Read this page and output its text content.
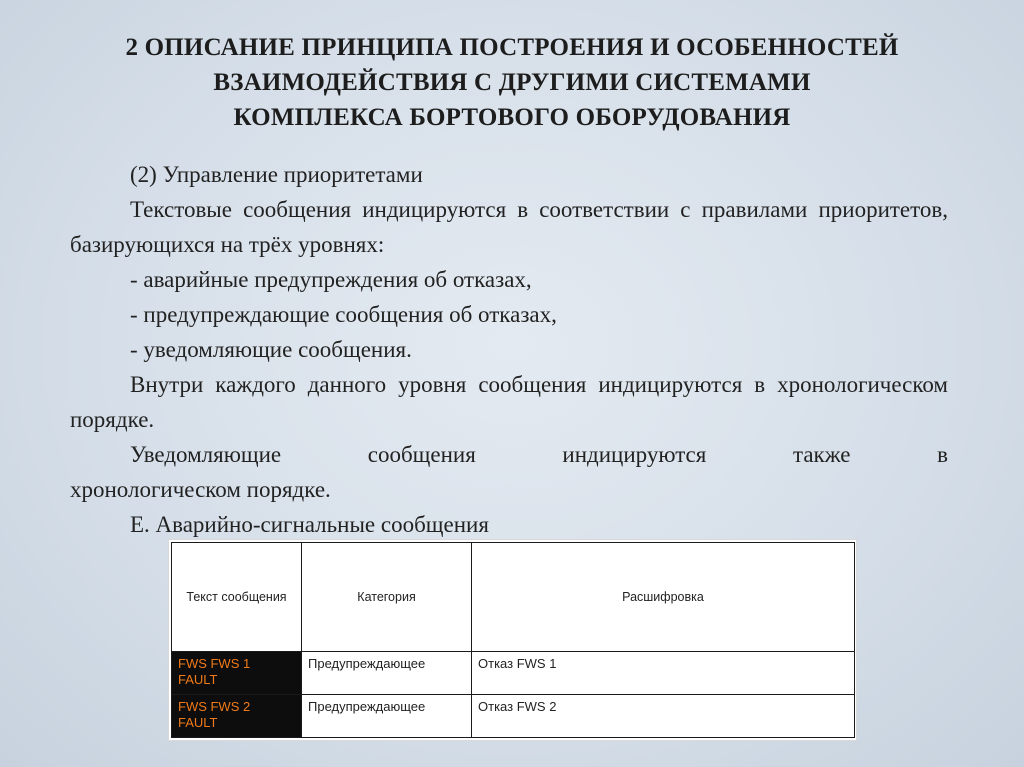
2 ОПИСАНИЕ ПРИНЦИПА ПОСТРОЕНИЯ И ОСОБЕННОСТЕЙ
ВЗАИМОДЕЙСТВИЯ С ДРУГИМИ СИСТЕМАМИ
КОМПЛЕКСА БОРТОВОГО ОБОРУДОВАНИЯ

(2) Управление приоритетами

Текстовые сообщения индицируются в соответствии с правилами приоритетов, базирующихся на трёх уровнях:

- аварийные предупреждения об отказах,

- предупреждающие сообщения об отказах,

- уведомляющие сообщения.

Внутри каждого данного уровня сообщения индицируются в хронологическом порядке.

Уведомляющие сообщения индицируются также в

хронологическом порядке.

Е. Аварийно-сигнальные сообщения

Текст сообщения	Категория	Расшифровка

FWS FWS 1
FAULT	Предупреждающее	Отказ FWS 1

FWS FWS 2
FAULT	Предупреждающее	Отказ FWS 2
